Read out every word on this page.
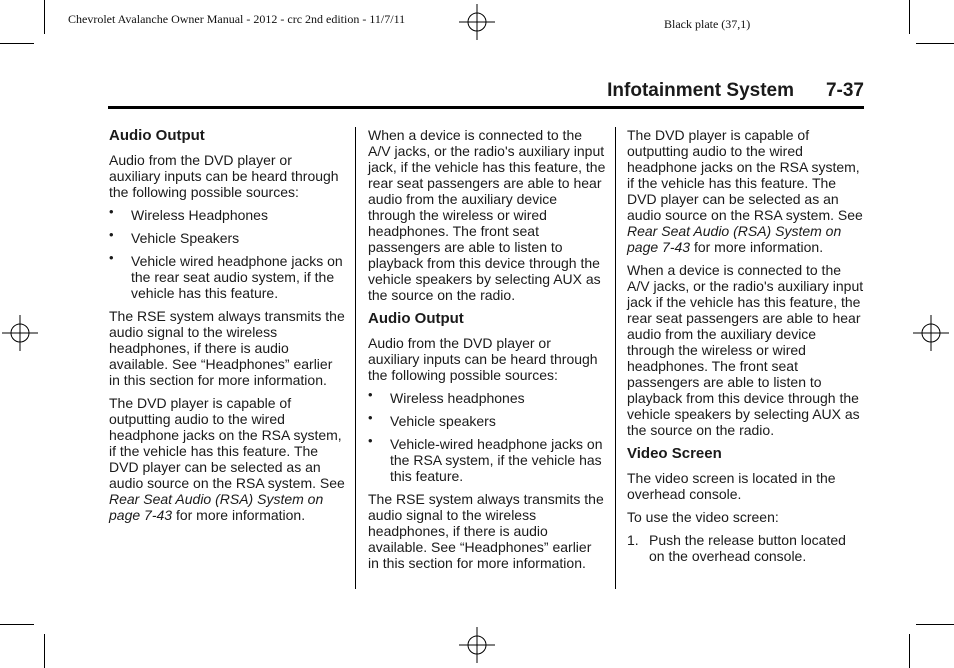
Chevrolet Avalanche Owner Manual - 2012 - crc 2nd edition - 11/7/11	Black plate (37,1)
Infotainment System 7-37
Audio Output

Audio from the DVD player or auxiliary inputs can be heard through the following possible sources:

• Wireless Headphones
• Vehicle Speakers
• Vehicle wired headphone jacks on the rear seat audio system, if the vehicle has this feature.

The RSE system always transmits the audio signal to the wireless headphones, if there is audio available. See “Headphones” earlier in this section for more information.

The DVD player is capable of outputting audio to the wired headphone jacks on the RSA system, if the vehicle has this feature. The DVD player can be selected as an audio source on the RSA system. See Rear Seat Audio (RSA) System on page 7‑43 for more information.

When a device is connected to the A/V jacks, or the radio's auxiliary input jack, if the vehicle has this feature, the rear seat passengers are able to hear audio from the auxiliary device through the wireless or wired headphones. The front seat passengers are able to listen to playback from this device through the vehicle speakers by selecting AUX as the source on the radio.

Audio Output

Audio from the DVD player or auxiliary inputs can be heard through the following possible sources:

• Wireless headphones
• Vehicle speakers
• Vehicle-wired headphone jacks on the RSA system, if the vehicle has this feature.

The RSE system always transmits the audio signal to the wireless headphones, if there is audio available. See “Headphones” earlier in this section for more information.

The DVD player is capable of outputting audio to the wired headphone jacks on the RSA system, if the vehicle has this feature. The DVD player can be selected as an audio source on the RSA system. See Rear Seat Audio (RSA) System on page 7‑43 for more information.

When a device is connected to the A/V jacks, or the radio's auxiliary input jack if the vehicle has this feature, the rear seat passengers are able to hear audio from the auxiliary device through the wireless or wired headphones. The front seat passengers are able to listen to playback from this device through the vehicle speakers by selecting AUX as the source on the radio.

Video Screen

The video screen is located in the overhead console.

To use the video screen:

1. Push the release button located on the overhead console.
